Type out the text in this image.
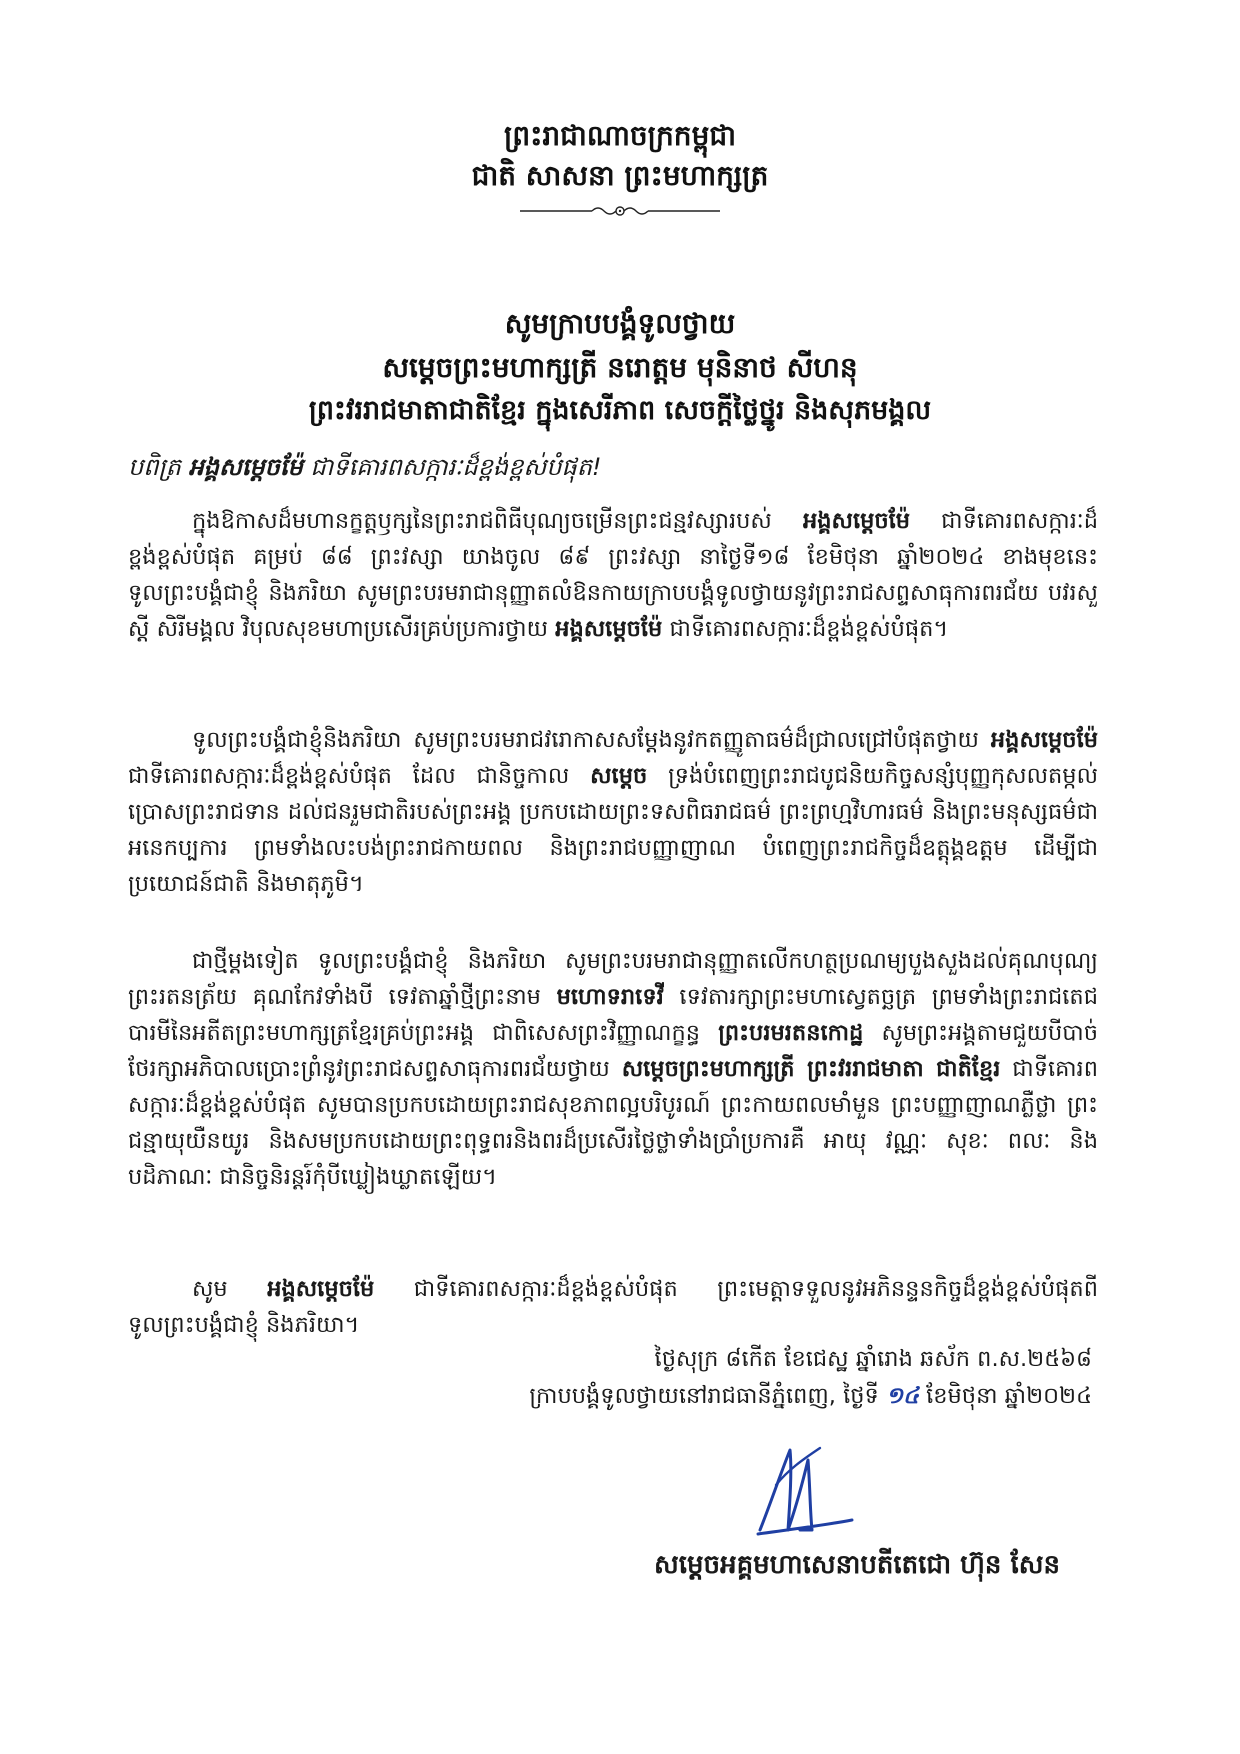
ព្រះរាជាណាចក្រកម្ពុជា
ជាតិ សាសនា ព្រះមហាក្សត្រ
សូមក្រាបបង្គំទូលថ្វាយ
សម្តេចព្រះមហាក្សត្រី នរោត្តម មុនិនាថ សីហនុ
ព្រះវររាជមាតាជាតិខ្មែរ ក្នុងសេរីភាព សេចក្តីថ្លៃថ្នូរ និងសុភមង្គល
បពិត្រ អង្គសម្តេចម៉ែ ជាទីគោរពសក្ការៈដ៏ខ្ពង់ខ្ពស់បំផុត!

ក្នុងឱកាសដ៏មហានក្ខត្តឫក្សនៃព្រះរាជពិធីបុណ្យចម្រើនព្រះជន្មវស្សារបស់ អង្គសម្តេចម៉ែ ជាទីគោរពសក្ការៈដ៏ខ្ពង់ខ្ពស់បំផុត គម្រប់ ៨៨ ព្រះវស្សា យាងចូល ៨៩ ព្រះវស្សា នាថ្ងៃទី១៨ ខែមិថុនា ឆ្នាំ២០២៤ ខាងមុខនេះ ទូលព្រះបង្គំជាខ្ញុំ និងភរិយា សូមព្រះបរមរាជានុញ្ញាតលំឱនកាយក្រាបបង្គំទូលថ្វាយនូវព្រះរាជសព្ទសាធុការពរជ័យ បវរសួស្តី សិរីមង្គល វិបុលសុខមហាប្រសើរគ្រប់ប្រការថ្វាយ អង្គសម្តេចម៉ែ ជាទីគោរពសក្ការៈដ៏ខ្ពង់ខ្ពស់បំផុត។

ទូលព្រះបង្គំជាខ្ញុំនិងភរិយា សូមព្រះបរមរាជវរោកាសសម្តែងនូវកតញ្ញូតាធម៌ដ៏ជ្រាលជ្រៅបំផុតថ្វាយ អង្គសម្តេចម៉ែ ជាទីគោរពសក្ការៈដ៏ខ្ពង់ខ្ពស់បំផុត ដែល ជានិច្ចកាល សម្តេច ទ្រង់បំពេញព្រះរាជបូជនិយកិច្ចសន្សំបុញ្ញកុសលតម្កល់ប្រោសព្រះរាជទាន ដល់ជនរួមជាតិរបស់ព្រះអង្គ ប្រកបដោយព្រះទសពិធរាជធម៌ ព្រះព្រហ្មវិហារធម៌ និងព្រះមនុស្សធម៌ជាអនេកប្បការ ព្រមទាំងលះបង់ព្រះរាជកាយពល និងព្រះរាជបញ្ញាញាណ បំពេញព្រះរាជកិច្ចដ៏ឧត្តុង្គឧត្តម ដើម្បីជាប្រយោជន៍ជាតិ និងមាតុភូមិ។

ជាថ្មីម្តងទៀត ទូលព្រះបង្គំជាខ្ញុំ និងភរិយា សូមព្រះបរមរាជានុញ្ញាតលើកហត្ថប្រណម្យបួងសួងដល់គុណបុណ្យព្រះរតនត្រ័យ គុណកែវទាំងបី ទេវតាឆ្នាំថ្មីព្រះនាម មហោទរាទេវី ទេវតារក្សាព្រះមហាស្វេតច្ឆត្រ ព្រមទាំងព្រះរាជតេជបារមីនៃអតីតព្រះមហាក្សត្រខ្មែរគ្រប់ព្រះអង្គ ជាពិសេសព្រះវិញ្ញាណក្ខន្ធ ព្រះបរមរតនកោដ្ឋ សូមព្រះអង្គតាមជួយបីបាច់ថែរក្សាអភិបាលប្រោះព្រំនូវព្រះរាជសព្ទសាធុការពរជ័យថ្វាយ សម្តេចព្រះមហាក្សត្រី ព្រះវររាជមាតា ជាតិខ្មែរ ជាទីគោរពសក្ការៈដ៏ខ្ពង់ខ្ពស់បំផុត សូមបានប្រកបដោយព្រះរាជសុខភាពល្អបរិបូរណ៍ ព្រះកាយពលមាំមួន ព្រះបញ្ញាញាណភ្លឺថ្លា ព្រះជន្មាយុយឺនយូរ និងសមប្រកបដោយព្រះពុទ្ធពរនិងពរដ៏ប្រសើរថ្លៃថ្លាទាំងប្រាំប្រការគឺ អាយុ វណ្ណៈ សុខៈ ពលៈ និងបដិភាណៈ ជានិច្ចនិរន្តរ៍កុំបីឃ្លៀងឃ្លាតឡើយ។

សូម អង្គសម្តេចម៉ែ ជាទីគោរពសក្ការៈដ៏ខ្ពង់ខ្ពស់បំផុត ព្រះមេត្តាទទួលនូវអភិនន្ទនកិច្ចដ៏ខ្ពង់ខ្ពស់បំផុតពីទូលព្រះបង្គំជាខ្ញុំ និងភរិយា។

ថ្ងៃសុក្រ ៨កើត ខែជេស្ឋ ឆ្នាំរោង ឆស័ក ព.ស.២៥៦៨
ក្រាបបង្គំទូលថ្វាយនៅរាជធានីភ្នំពេញ, ថ្ងៃទី ១៤ ខែមិថុនា ឆ្នាំ២០២៤
សម្តេចអគ្គមហាសេនាបតីតេជោ ហ៊ុន សែន
